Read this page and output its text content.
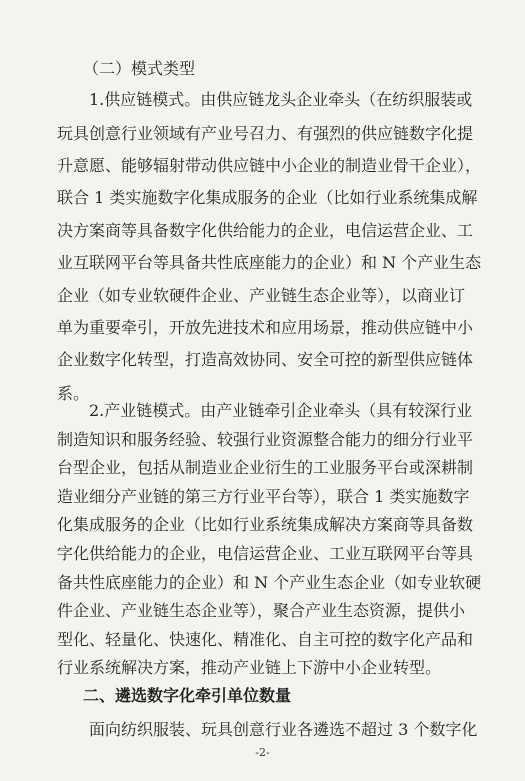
（二）模式类型
1.供应链模式。由供应链龙头企业牵头（在纺织服装或
玩具创意行业领域有产业号召力、有强烈的供应链数字化提
升意愿、能够辐射带动供应链中小企业的制造业骨干企业），
联合 1 类实施数字化集成服务的企业（比如行业系统集成解
决方案商等具备数字化供给能力的企业，电信运营企业、工
业互联网平台等具备共性底座能力的企业）和 N 个产业生态
企业（如专业软硬件企业、产业链生态企业等），以商业订
单为重要牵引，开放先进技术和应用场景，推动供应链中小
企业数字化转型，打造高效协同、安全可控的新型供应链体
系。
2.产业链模式。由产业链牵引企业牵头（具有较深行业
制造知识和服务经验、较强行业资源整合能力的细分行业平
台型企业，包括从制造业企业衍生的工业服务平台或深耕制
造业细分产业链的第三方行业平台等），联合 1 类实施数字
化集成服务的企业（比如行业系统集成解决方案商等具备数
字化供给能力的企业，电信运营企业、工业互联网平台等具
备共性底座能力的企业）和 N 个产业生态企业（如专业软硬
件企业、产业链生态企业等），聚合产业生态资源，提供小
型化、轻量化、快速化、精准化、自主可控的数字化产品和
行业系统解决方案，推动产业链上下游中小企业转型。
二、遴选数字化牵引单位数量
面向纺织服装、玩具创意行业各遴选不超过 3 个数字化
-2-
